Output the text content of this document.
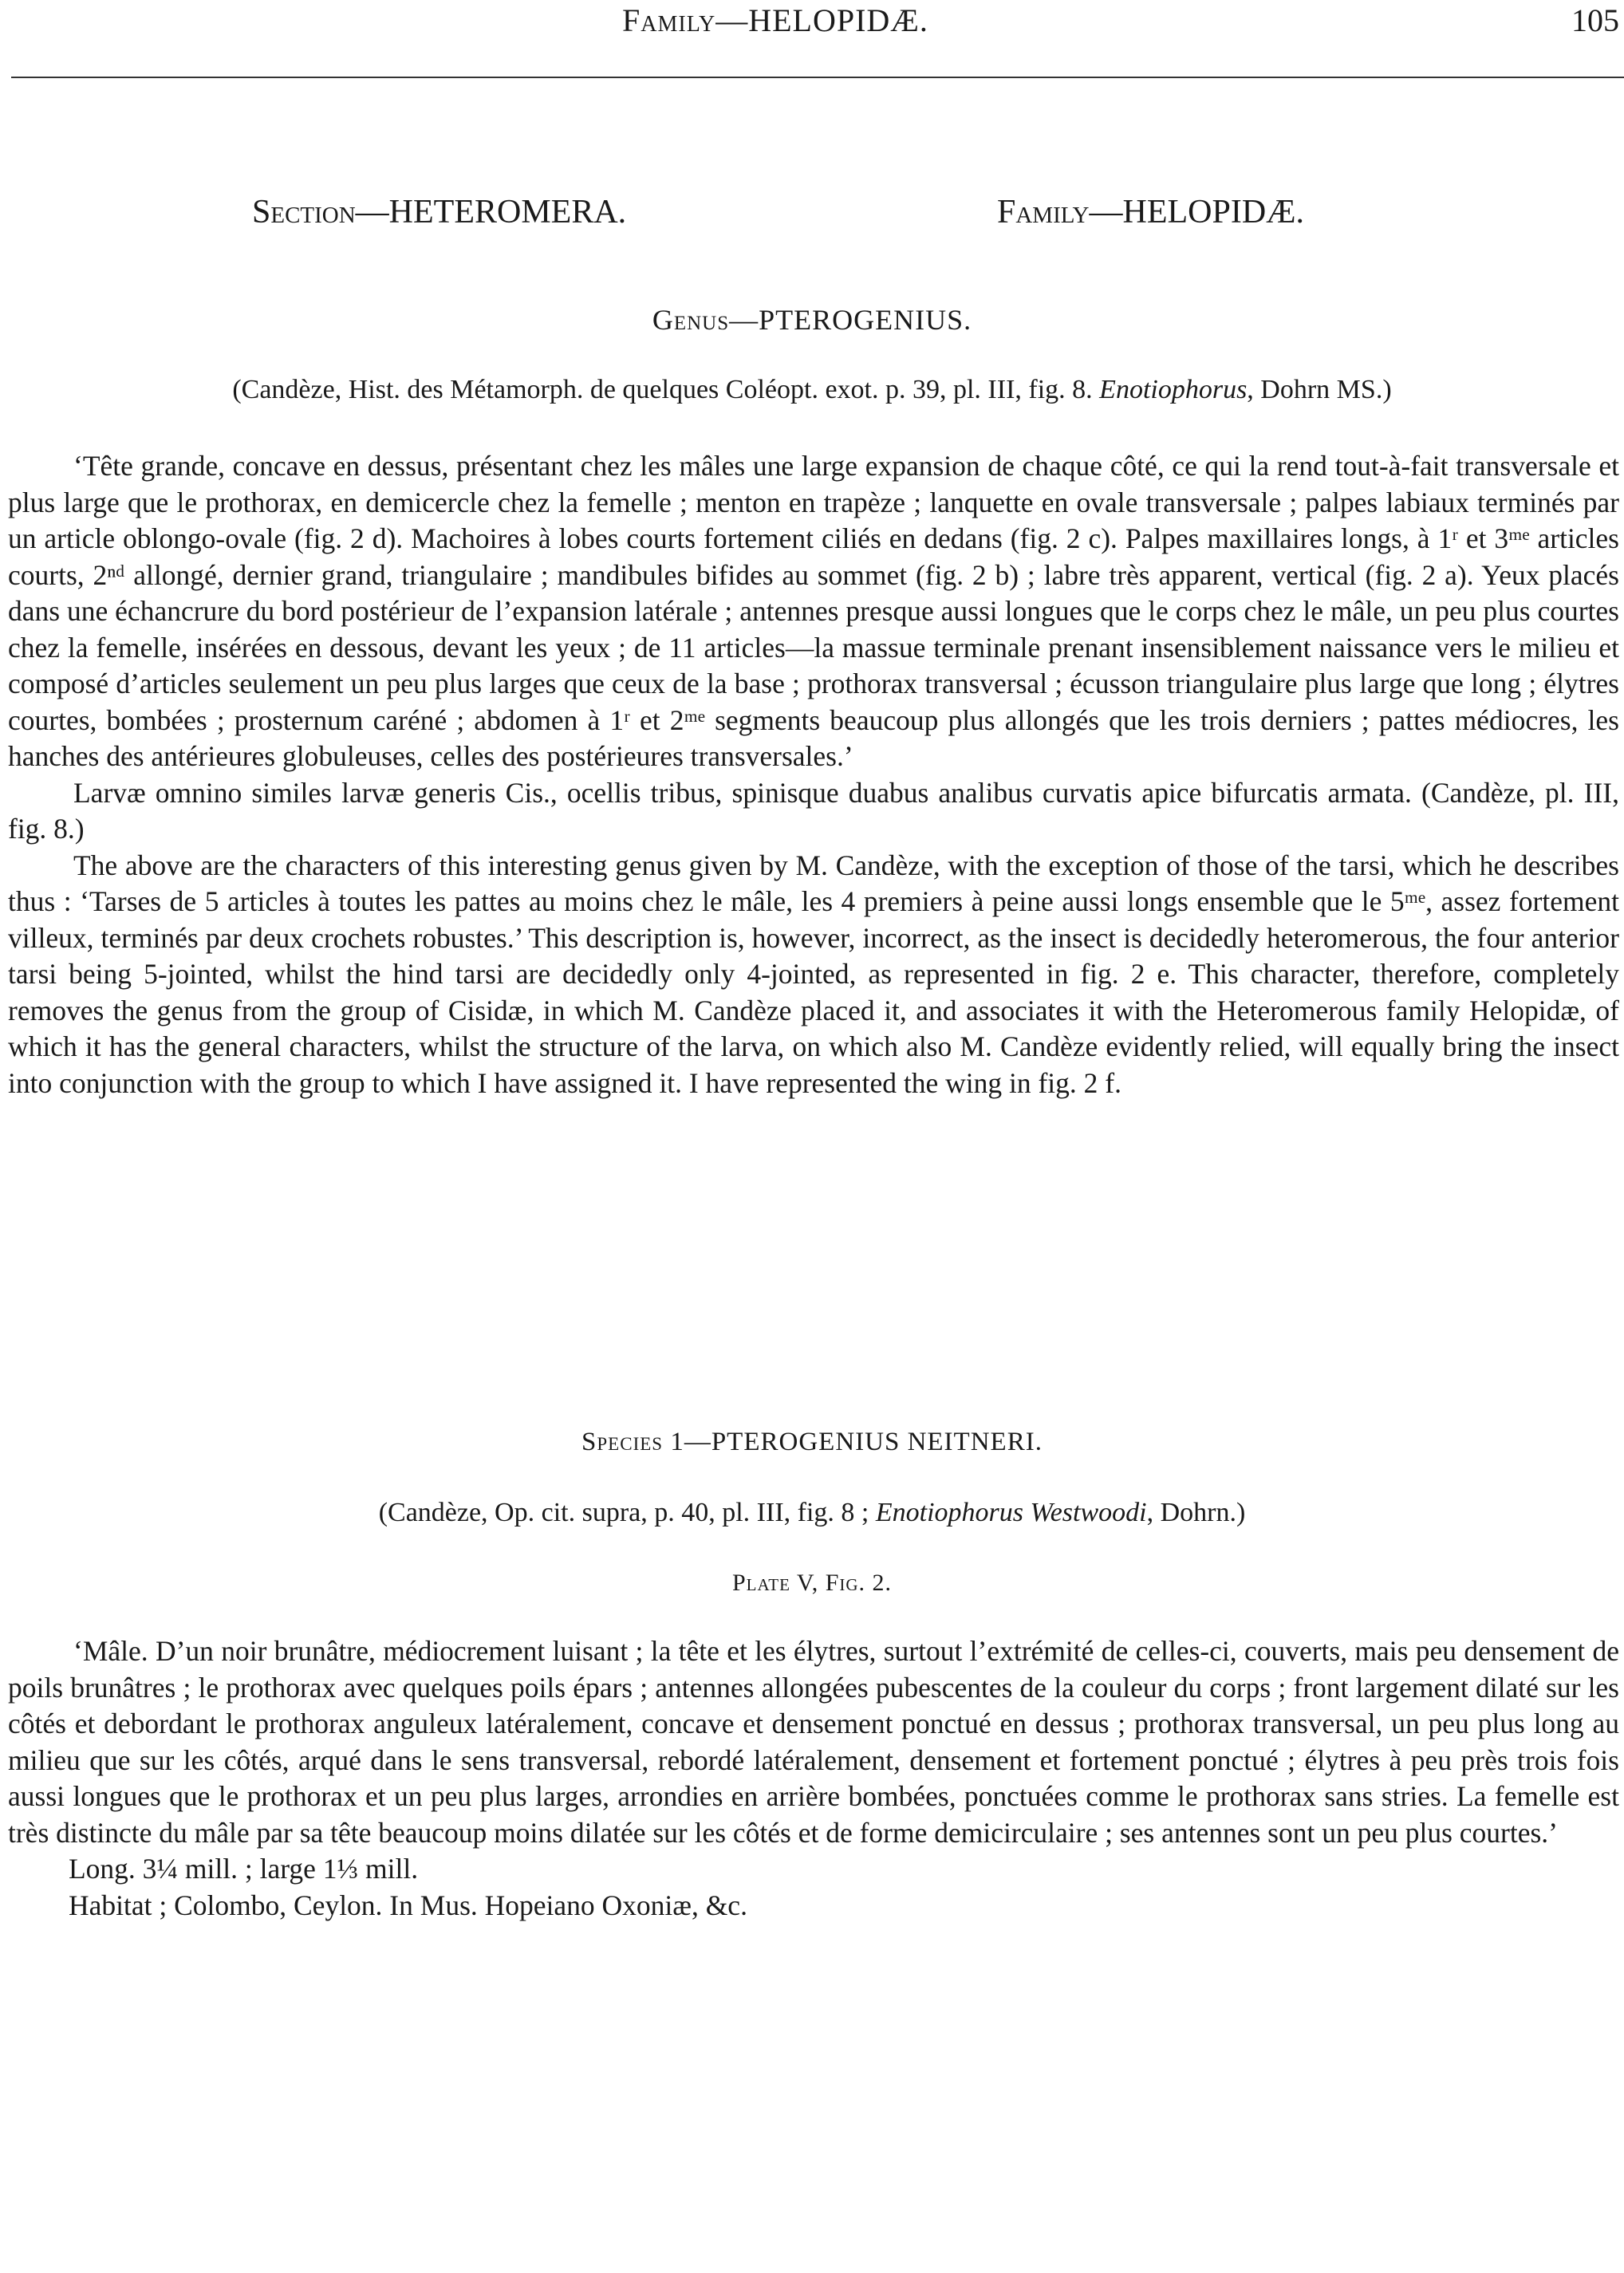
Family—HELOPIDÆ.	105
Section—HETEROMERA.	Family—HELOPIDÆ.
Genus—PTEROGENIUS.
(Candèze, Hist. des Métamorph. de quelques Coléopt. exot. p. 39, pl. III, fig. 8. Enotiophorus, Dohrn MS.)

‘Tête grande, concave en dessus, présentant chez les mâles une large expansion de chaque côté, ce qui la rend tout-à-fait transversale et plus large que le prothorax, en demicercle chez la femelle ; menton en trapèze ; lanquette en ovale transversale ; palpes labiaux terminés par un article oblongo-ovale (fig. 2 d). Machoires à lobes courts fortement ciliés en dedans (fig. 2 c). Palpes maxillaires longs, à 1ʳ et 3ᵐᵉ articles courts, 2ⁿᵈ allongé, dernier grand, triangulaire ; mandibules bifides au sommet (fig. 2 b) ; labre très apparent, vertical (fig. 2 a). Yeux placés dans une échancrure du bord postérieur de l’expansion latérale ; antennes presque aussi longues que le corps chez le mâle, un peu plus courtes chez la femelle, insérées en dessous, devant les yeux ; de 11 articles—la massue terminale prenant insensiblement naissance vers le milieu et composé d’articles seulement un peu plus larges que ceux de la base ; prothorax transversal ; écusson triangulaire plus large que long ; élytres courtes, bombées ; prosternum caréné ; abdomen à 1ʳ et 2ᵐᵉ segments beaucoup plus allongés que les trois derniers ; pattes médiocres, les hanches des antérieures globuleuses, celles des postérieures transversales.’

Larvæ omnino similes larvæ generis Cis., ocellis tribus, spinisque duabus analibus curvatis apice bifurcatis armata. (Candèze, pl. III, fig. 8.)

The above are the characters of this interesting genus given by M. Candèze, with the exception of those of the tarsi, which he describes thus : ‘Tarses de 5 articles à toutes les pattes au moins chez le mâle, les 4 premiers à peine aussi longs ensemble que le 5ᵐᵉ, assez fortement villeux, terminés par deux crochets robustes.’ This description is, however, incorrect, as the insect is decidedly heteromerous, the four anterior tarsi being 5-jointed, whilst the hind tarsi are decidedly only 4-jointed, as represented in fig. 2 e. This character, therefore, completely removes the genus from the group of Cisidæ, in which M. Candèze placed it, and associates it with the Heteromerous family Helopidæ, of which it has the general characters, whilst the structure of the larva, on which also M. Candèze evidently relied, will equally bring the insect into conjunction with the group to which I have assigned it. I have represented the wing in fig. 2 f.

Species 1—PTEROGENIUS NEITNERI.
(Candèze, Op. cit. supra, p. 40, pl. III, fig. 8 ; Enotiophorus Westwoodi, Dohrn.)
Plate V, Fig. 2.

‘Mâle. D’un noir brunâtre, médiocrement luisant ; la tête et les élytres, surtout l’extrémité de celles-ci, couverts, mais peu densement de poils brunâtres ; le prothorax avec quelques poils épars ; antennes allongées pubescentes de la couleur du corps ; front largement dilaté sur les côtés et debordant le prothorax anguleux latéralement, concave et densement ponctué en dessus ; prothorax transversal, un peu plus long au milieu que sur les côtés, arqué dans le sens transversal, rebordé latéralement, densement et fortement ponctué ; élytres à peu près trois fois aussi longues que le prothorax et un peu plus larges, arrondies en arrière bombées, ponctuées comme le prothorax sans stries. La femelle est très distincte du mâle par sa tête beaucoup moins dilatée sur les côtés et de forme demicirculaire ; ses antennes sont un peu plus courtes.’

Long. 3¼ mill. ; large 1⅓ mill.

Habitat ; Colombo, Ceylon. In Mus. Hopeiano Oxoniæ, &c.
